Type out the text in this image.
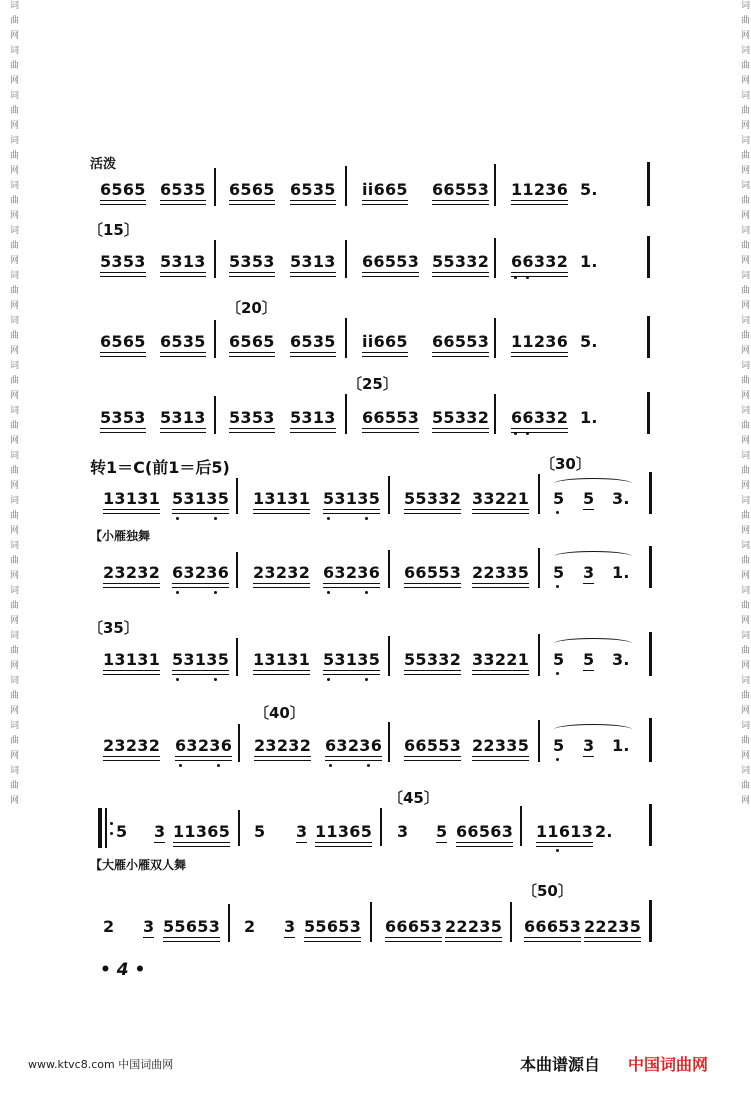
词曲网词曲网词曲网词曲网词曲网词曲网词曲网词曲网词曲网词曲网词曲网词曲网词曲网词曲网词曲网词曲网词曲网词曲网	词曲网词曲网词曲网词曲网词曲网词曲网词曲网词曲网词曲网词曲网词曲网词曲网词曲网词曲网词曲网词曲网词曲网词曲网
活泼
转1＝C(前1＝后5)
【小雁独舞
【大雁小雁双人舞
〔15〕
〔20〕
〔25〕
〔30〕
〔35〕
〔40〕
〔45〕
〔50〕
6565 6535 6565 6535 i̇i̇665 66553 11236 5.
5353 5313 5353 5313 66553 55332 66332 1.
6565 6535 6565 6535 i̇i̇665 66553 11236 5.
5353 5313 5353 5313 66553 55332 66332 1.
13131 53135 13131 53135 55332 33221 5 5 3.
23232 63236 23232 63236 66553 22335 5 3 1.
13131 53135 13131 53135 55332 33221 5 5 3.
23232 63236 23232 63236 66553 22335 5 3 1.
5 3 11365 5 3 11365 3 5 66563 11613 2.
2 3 55653 2 3 55653 66653 22235 66653 22235
• 4 •
www.ktvc8.com 中国词曲网	本曲谱源自 中国词曲网
